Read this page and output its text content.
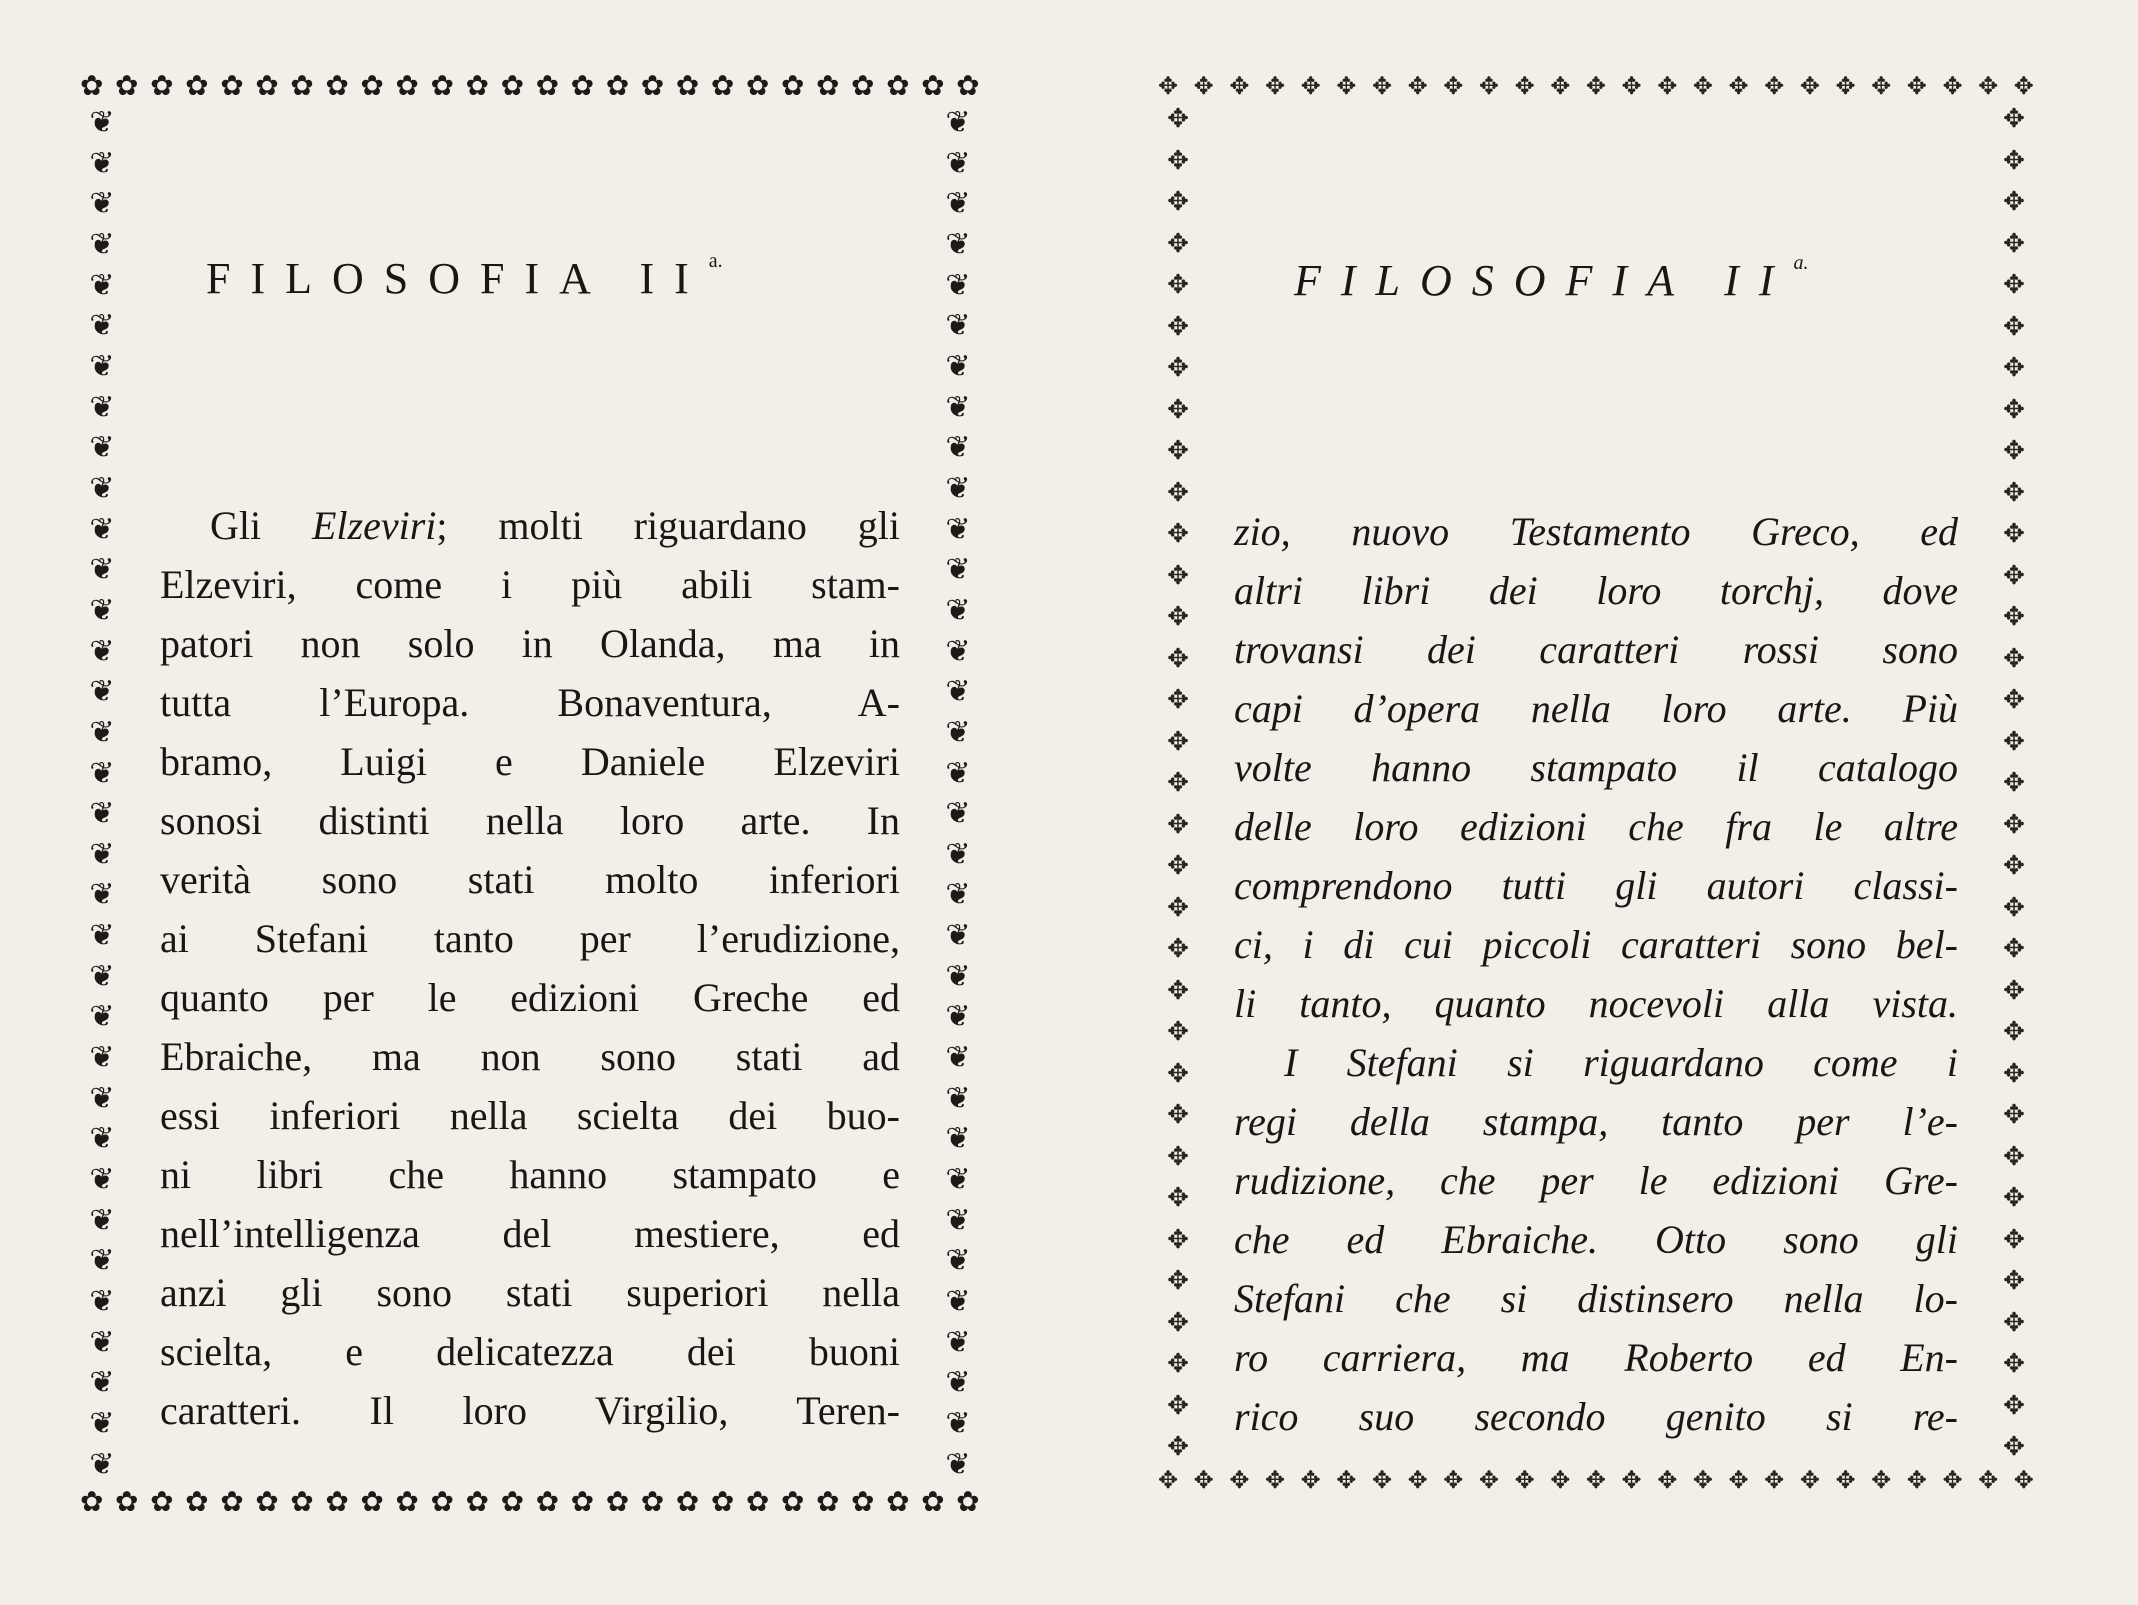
✿ ✿ ✿ ✿ ✿ ✿ ✿ ✿ ✿ ✿ ✿ ✿ ✿ ✿ ✿ ✿ ✿ ✿ ✿ ✿ ✿ ✿ ✿ ✿ ✿ ✿
✿ ✿ ✿ ✿ ✿ ✿ ✿ ✿ ✿ ✿ ✿ ✿ ✿ ✿ ✿ ✿ ✿ ✿ ✿ ✿ ✿ ✿ ✿ ✿ ✿ ✿
❦
❦
❦
❦
❦
❦
❦
❦
❦
❦
❦
❦
❦
❦
❦
❦
❦
❦
❦
❦
❦
❦
❦
❦
❦
❦
❦
❦
❦
❦
❦
❦
❦
❦
❦
❦
❦
❦
❦
❦
❦
❦
❦
❦
❦
❦
❦
❦
❦
❦
❦
❦
❦
❦
❦
❦
❦
❦
❦
❦
❦
❦
❦
❦
❦
❦
❦
❦
FILOSOFIA $II^{a.}$
Gli Elzeviri; molti riguardano gli
Elzeviri, come i più abili stam-
patori non solo in Olanda, ma in
tutta l’Europa. Bonaventura, A-
bramo, Luigi e Daniele Elzeviri
sonosi distinti nella loro arte. In
verità sono stati molto inferiori
ai Stefani tanto per l’erudizione,
quanto per le edizioni Greche ed
Ebraiche, ma non sono stati ad
essi inferiori nella scielta dei buo-
ni libri che hanno stampato e
nell’intelligenza del mestiere, ed
anzi gli sono stati superiori nella
scielta, e delicatezza dei buoni
caratteri. Il loro Virgilio, Teren-
✥ ✥ ✥ ✥ ✥ ✥ ✥ ✥ ✥ ✥ ✥ ✥ ✥ ✥ ✥ ✥ ✥ ✥ ✥ ✥ ✥ ✥ ✥ ✥ ✥
✥ ✥ ✥ ✥ ✥ ✥ ✥ ✥ ✥ ✥ ✥ ✥ ✥ ✥ ✥ ✥ ✥ ✥ ✥ ✥ ✥ ✥ ✥ ✥ ✥
✥
✥
✥
✥
✥
✥
✥
✥
✥
✥
✥
✥
✥
✥
✥
✥
✥
✥
✥
✥
✥
✥
✥
✥
✥
✥
✥
✥
✥
✥
✥
✥
✥
✥
✥
✥
✥
✥
✥
✥
✥
✥
✥
✥
✥
✥
✥
✥
✥
✥
✥
✥
✥
✥
✥
✥
✥
✥
✥
✥
✥
✥
✥
✥
✥
✥
FILOSOFIA $II^{a.}$
zio, nuovo Testamento Greco, ed
altri libri dei loro torchj, dove
trovansi dei caratteri rossi sono
capi d’opera nella loro arte. Più
volte hanno stampato il catalogo
delle loro edizioni che fra le altre
comprendono tutti gli autori classi-
ci, i di cui piccoli caratteri sono bel-
li tanto, quanto nocevoli alla vista.
I Stefani si riguardano come i
regi della stampa, tanto per l’e-
rudizione, che per le edizioni Gre-
che ed Ebraiche. Otto sono gli
Stefani che si distinsero nella lo-
ro carriera, ma Roberto ed En-
rico suo secondo genito si re-
